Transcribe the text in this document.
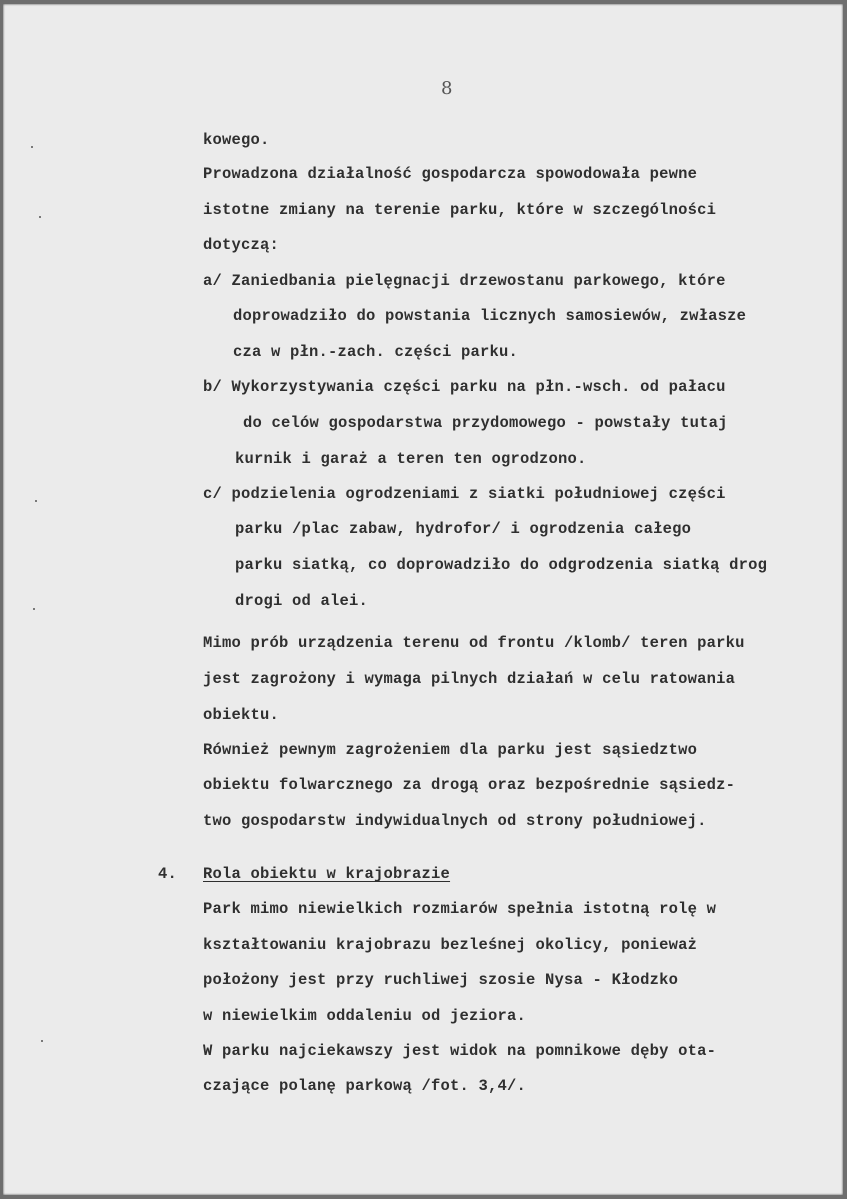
8
kowego.
Prowadzona działalność gospodarcza spowodowała pewne
istotne zmiany na terenie parku, które w szczególności
dotyczą:
a/ Zaniedbania pielęgnacji drzewostanu parkowego, które
doprowadziło do powstania licznych samosiewów, zwłasze
cza w płn.-zach. części parku.
b/ Wykorzystywania części parku na płn.-wsch. od pałacu
do celów gospodarstwa przydomowego - powstały tutaj
kurnik i garaż a teren ten ogrodzono.
c/ podzielenia ogrodzeniami z siatki południowej części
parku /plac zabaw, hydrofor/ i ogrodzenia całego
parku siatką, co doprowadziło do odgrodzenia siatką drog
drogi od alei.
Mimo prób urządzenia terenu od frontu /klomb/ teren parku
jest zagrożony i wymaga pilnych działań w celu ratowania
obiektu.
Również pewnym zagrożeniem dla parku jest sąsiedztwo
obiektu folwarcznego za drogą oraz bezpośrednie sąsiedz-
two gospodarstw indywidualnych od strony południowej.
4. Rola obiektu w krajobrazie
Park mimo niewielkich rozmiarów spełnia istotną rolę w
kształtowaniu krajobrazu bezleśnej okolicy, ponieważ
położony jest przy ruchliwej szosie Nysa - Kłodzko
w niewielkim oddaleniu od jeziora.
W parku najciekawszy jest widok na pomnikowe dęby ota-
czające polanę parkową /fot. 3,4/.
